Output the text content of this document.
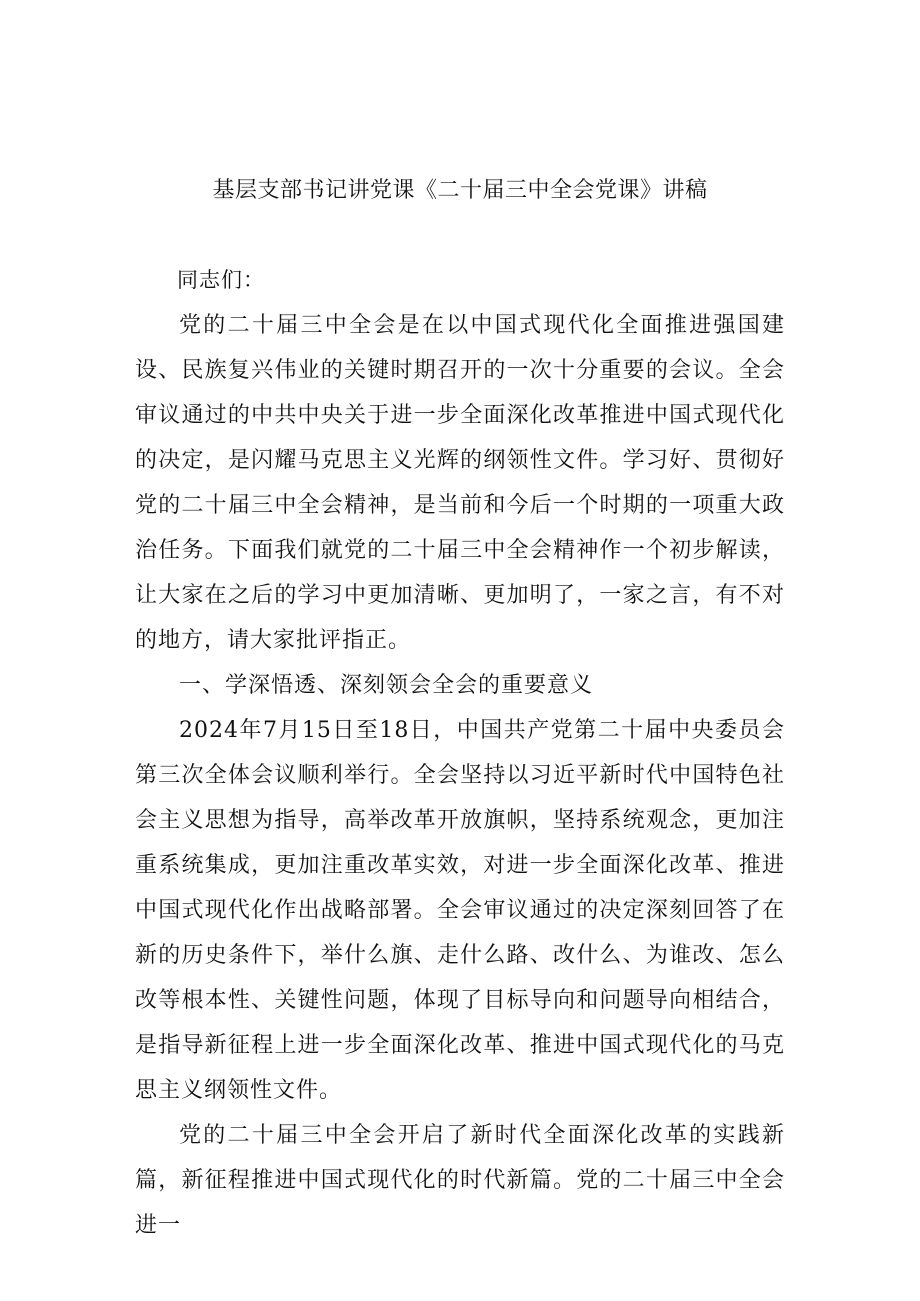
基层支部书记讲党课《二十届三中全会党课》讲稿

同志们：

党的二十届三中全会是在以中国式现代化全面推进强国建设、民族复兴伟业的关键时期召开的一次十分重要的会议。全会审议通过的中共中央关于进一步全面深化改革推进中国式现代化的决定，是闪耀马克思主义光辉的纲领性文件。学习好、贯彻好党的二十届三中全会精神，是当前和今后一个时期的一项重大政治任务。下面我们就党的二十届三中全会精神作一个初步解读，让大家在之后的学习中更加清晰、更加明了，一家之言，有不对的地方，请大家批评指正。

一、学深悟透、深刻领会全会的重要意义

2024年7月15日至18日，中国共产党第二十届中央委员会第三次全体会议顺利举行。全会坚持以习近平新时代中国特色社会主义思想为指导，高举改革开放旗帜，坚持系统观念，更加注重系统集成，更加注重改革实效，对进一步全面深化改革、推进中国式现代化作出战略部署。全会审议通过的决定深刻回答了在新的历史条件下，举什么旗、走什么路、改什么、为谁改、怎么改等根本性、关键性问题，体现了目标导向和问题导向相结合，是指导新征程上进一步全面深化改革、推进中国式现代化的马克思主义纲领性文件。

党的二十届三中全会开启了新时代全面深化改革的实践新篇，新征程推进中国式现代化的时代新篇。党的二十届三中全会进一
